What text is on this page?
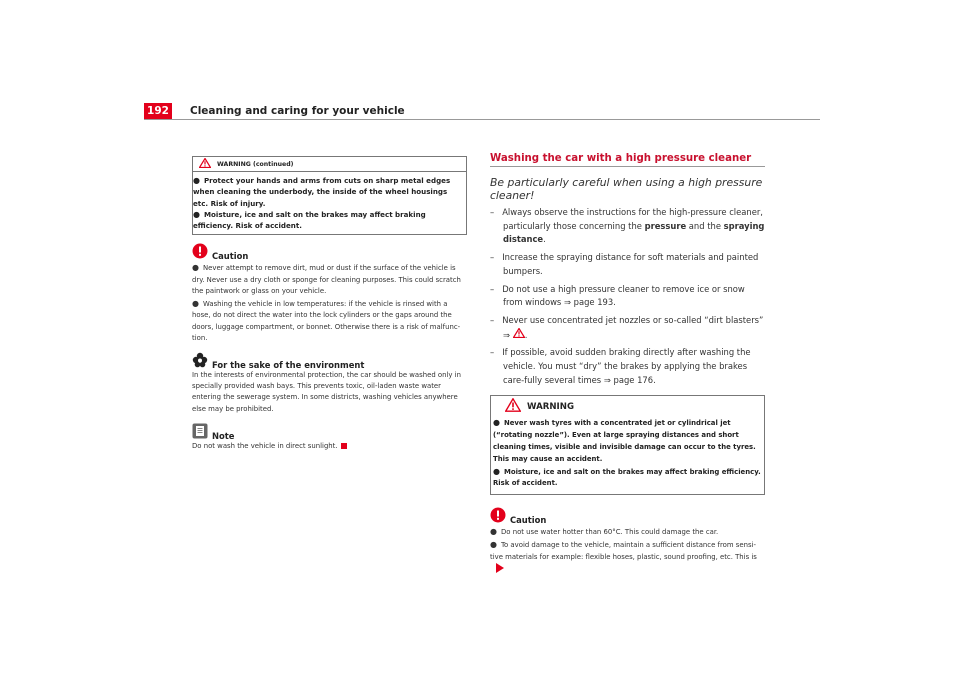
192 Cleaning and caring for your vehicle
WARNING (continued)
● Protect your hands and arms from cuts on sharp metal edges when cleaning the underbody, the inside of the wheel housings etc. Risk of injury.
● Moisture, ice and salt on the brakes may affect braking efficiency. Risk of accident.
Caution
● Never attempt to remove dirt, mud or dust if the surface of the vehicle is dry. Never use a dry cloth or sponge for cleaning purposes. This could scratch the paintwork or glass on your vehicle.
● Washing the vehicle in low temperatures: if the vehicle is rinsed with a hose, do not direct the water into the lock cylinders or the gaps around the doors, luggage compartment, or bonnet. Otherwise there is a risk of malfunc-tion.
For the sake of the environment
In the interests of environmental protection, the car should be washed only in specially provided wash bays. This prevents toxic, oil-laden waste water entering the sewerage system. In some districts, washing vehicles anywhere else may be prohibited.
Note
Do not wash the vehicle in direct sunlight.
Washing the car with a high pressure cleaner
Be particularly careful when using a high pressure cleaner!
–   Always observe the instructions for the high-pressure cleaner, particularly those concerning the pressure and the spraying distance.
–   Increase the spraying distance for soft materials and painted bumpers.
–   Do not use a high pressure cleaner to remove ice or snow from windows ⇒ page 193.
–   Never use concentrated jet nozzles or so-called “dirt blasters” ⇒ .
–   If possible, avoid sudden braking directly after washing the vehicle. You must “dry” the brakes by applying the brakes care-fully several times ⇒ page 176.
WARNING
● Never wash tyres with a concentrated jet or cylindrical jet (“rotating nozzle”). Even at large spraying distances and short cleaning times, visible and invisible damage can occur to the tyres. This may cause an accident.
● Moisture, ice and salt on the brakes may affect braking efficiency. Risk of accident.
Caution
● Do not use water hotter than 60°C. This could damage the car.
● To avoid damage to the vehicle, maintain a sufficient distance from sensi-tive materials for example: flexible hoses, plastic, sound proofing, etc. This is
